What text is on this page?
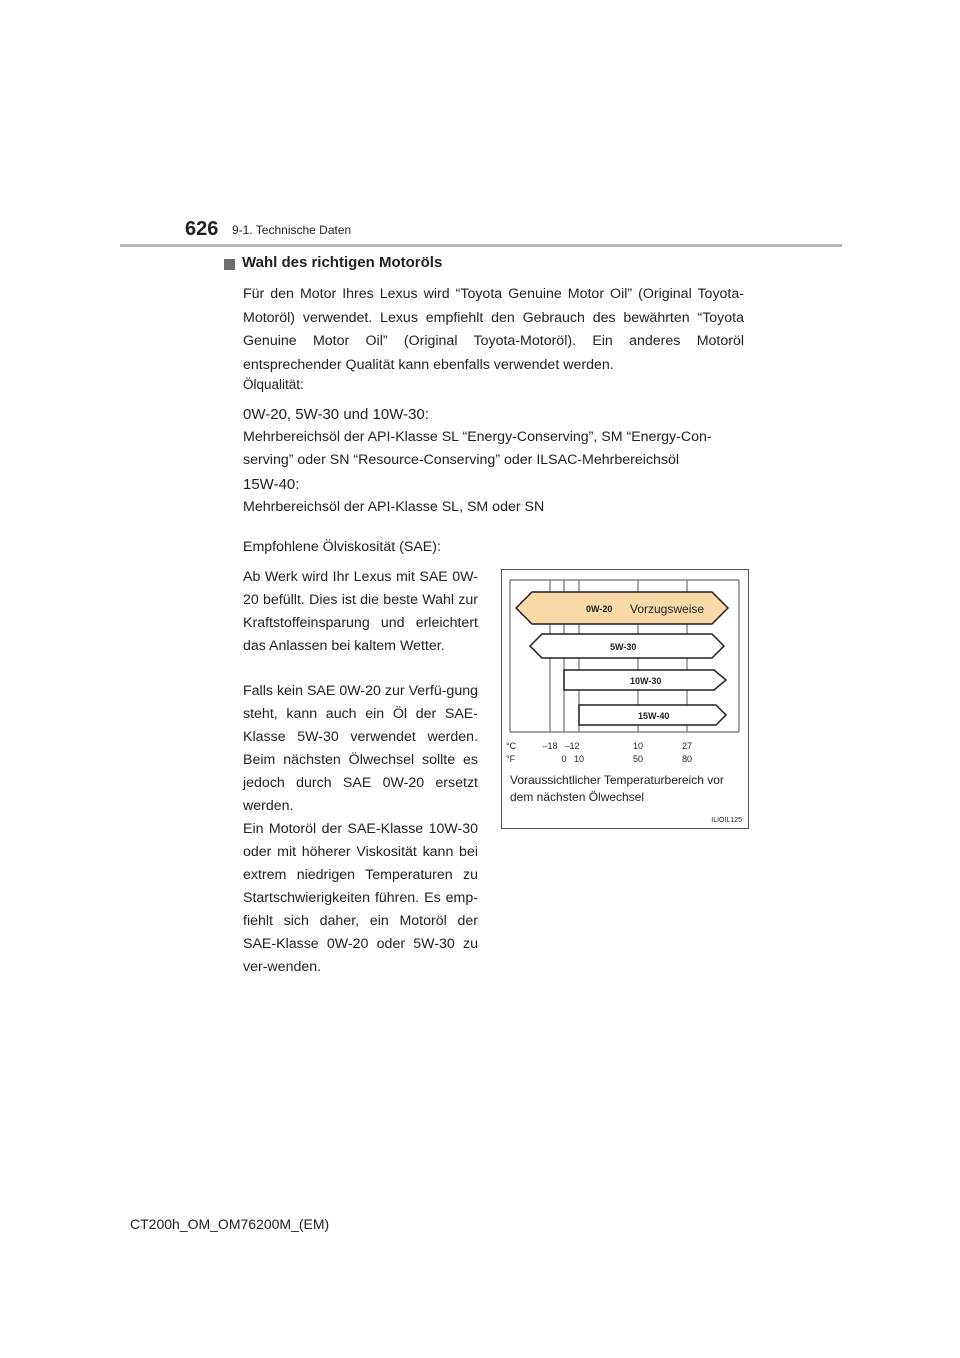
626 9-1. Technische Daten
Wahl des richtigen Motoröls
Für den Motor Ihres Lexus wird “Toyota Genuine Motor Oil” (Original Toyota-Motoröl) verwendet. Lexus empfiehlt den Gebrauch des bewährten “Toyota Genuine Motor Oil” (Original Toyota-Motoröl). Ein anderes Motoröl entsprechender Qualität kann ebenfalls verwendet werden.
Ölqualität:
0W-20, 5W-30 und 10W-30:
Mehrbereichsöl der API-Klasse SL “Energy-Conserving”, SM “Energy-Con-
serving” oder SN “Resource-Conserving” oder ILSAC-Mehrbereichsöl
15W-40:
Mehrbereichsöl der API-Klasse SL, SM oder SN
Empfohlene Ölviskosität (SAE):
Ab Werk wird Ihr Lexus mit SAE 0W-20 befüllt. Dies ist die beste Wahl zur Kraftstoffeinsparung und erleichtert das Anlassen bei kaltem Wetter.
Falls kein SAE 0W-20 zur Verfü-gung steht, kann auch ein Öl der SAE-Klasse 5W-30 verwendet werden. Beim nächsten Ölwechsel sollte es jedoch durch SAE 0W-20 ersetzt werden.
Ein Motoröl der SAE-Klasse 10W-30 oder mit höherer Viskosität kann bei extrem niedrigen Temperaturen zu Startschwierigkeiten führen. Es emp-fiehlt sich daher, ein Motoröl der SAE-Klasse 0W-20 oder 5W-30 zu ver-wenden.
0W-20 Vorzugsweise
5W-30
10W-30
15W-40
°C
°F
–18 –12	10	27
0 10	50	80
Voraussichtlicher Temperaturbereich vor
dem nächsten Ölwechsel
ILIOIL125
CT200h_OM_OM76200M_(EM)
